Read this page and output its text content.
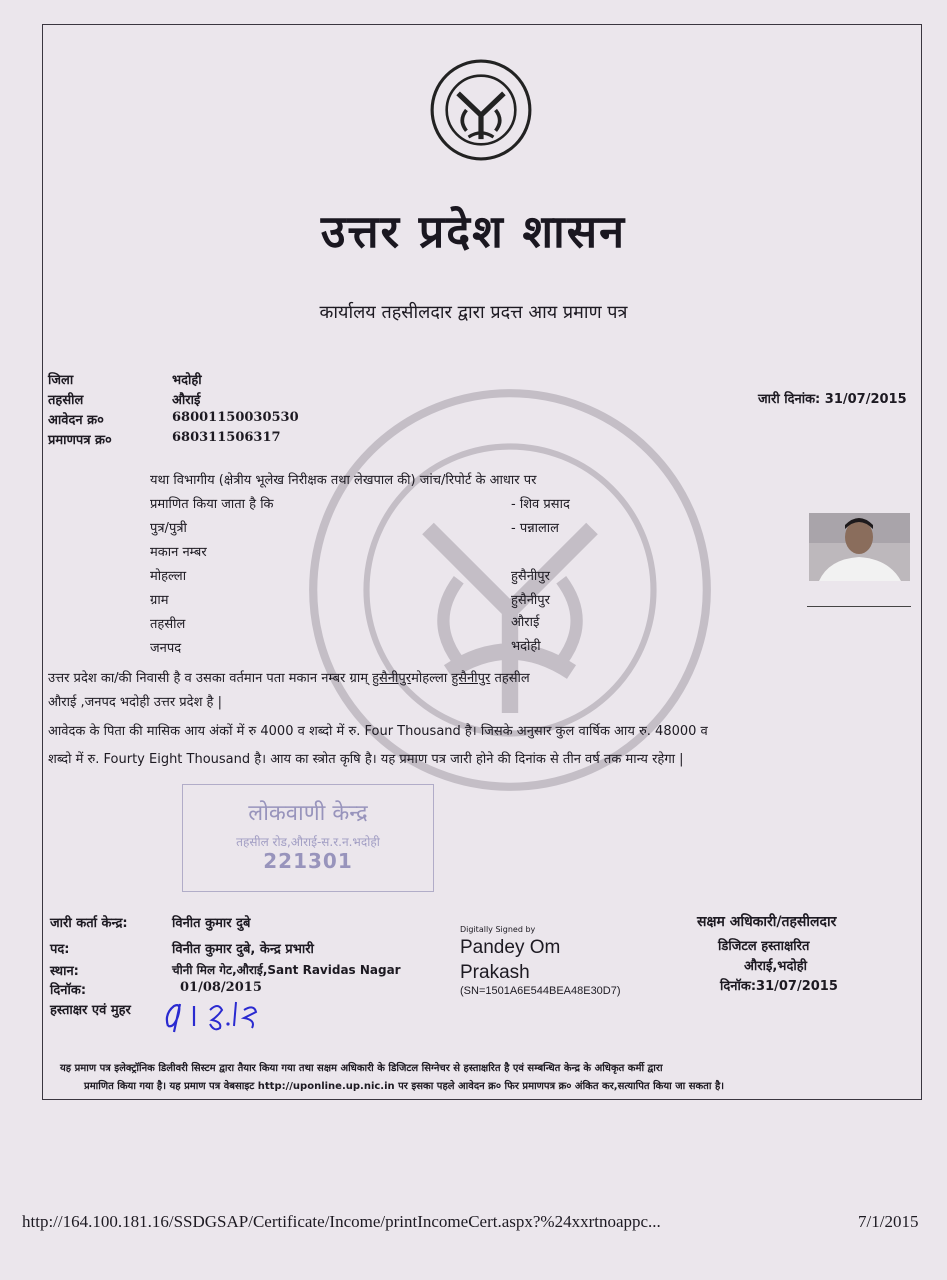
उत्तर प्रदेश शासन
कार्यालय तहसीलदार द्वारा प्रदत्त आय प्रमाण पत्र
जिला	भदोही
तहसील	औराई
आवेदन क्र०	68001150030530
प्रमाणपत्र क्र०	680311506317
जारी दिनांक: 31/07/2015
यथा विभागीय (क्षेत्रीय भूलेख निरीक्षक तथा लेखपाल की) जांच/रिपोर्ट के आधार पर
प्रमाणित किया जाता है कि	- शिव प्रसाद
पुत्र/पुत्री	- पन्नालाल
मकान नम्बर
मोहल्ला	हुसैनीपुर
ग्राम	हुसैनीपुर
तहसील	औराई
जनपद	भदोही
उत्तर प्रदेश का/की निवासी है व उसका वर्तमान पता मकान नम्बर ग्राम् हुसैनीपुरमोहल्ला हुसैनीपुर तहसील
औराई ,जनपद भदोही उत्तर प्रदेश है |
आवेदक के पिता की मासिक आय अंकों में रु 4000 व शब्दो में रु. Four Thousand है। जिसके अनुसार कुल वार्षिक आय रु. 48000 व
शब्दो में रु. Fourty Eight Thousand है। आय का स्त्रोत कृषि है। यह प्रमाण पत्र जारी होने की दिनांक से तीन वर्ष तक मान्य रहेगा |
लोकवाणी केन्द्र
तहसील रोड,औराई-स.र.न.भदोही
221301
जारी कर्ता केन्द्र:	विनीत कुमार दुबे
पद:	विनीत कुमार दुबे, केन्द्र प्रभारी
स्थान:	चीनी मिल गेट,औराई,Sant Ravidas Nagar
दिनॉक:	01/08/2015
हस्ताक्षर एवं मुहर
Digitally Signed by
Pandey Om
Prakash
(SN=1501A6E544BEA48E30D7)
सक्षम अधिकारी/तहसीलदार
डिजिटल हस्ताक्षरित
औराई,भदोही
दिनॉक:31/07/2015
यह प्रमाण पत्र इलेक्ट्रॉनिक डिलीवरी सिस्टम द्वारा तैयार किया गया तथा सक्षम अधिकारी के डिजिटल सिग्नेचर से हस्ताक्षरित है एवं सम्बन्धित केन्द्र के अधिकृत कर्मी द्वारा
प्रमाणित किया गया है। यह प्रमाण पत्र वेबसाइट http://uponline.up.nic.in पर इसका पहले आवेदन क्र० फिर प्रमाणपत्र क्र० अंकित कर,सत्यापित किया जा सकता है।
http://164.100.181.16/SSDGSAP/Certificate/Income/printIncomeCert.aspx?%24xxrtnoappc...	7/1/2015
